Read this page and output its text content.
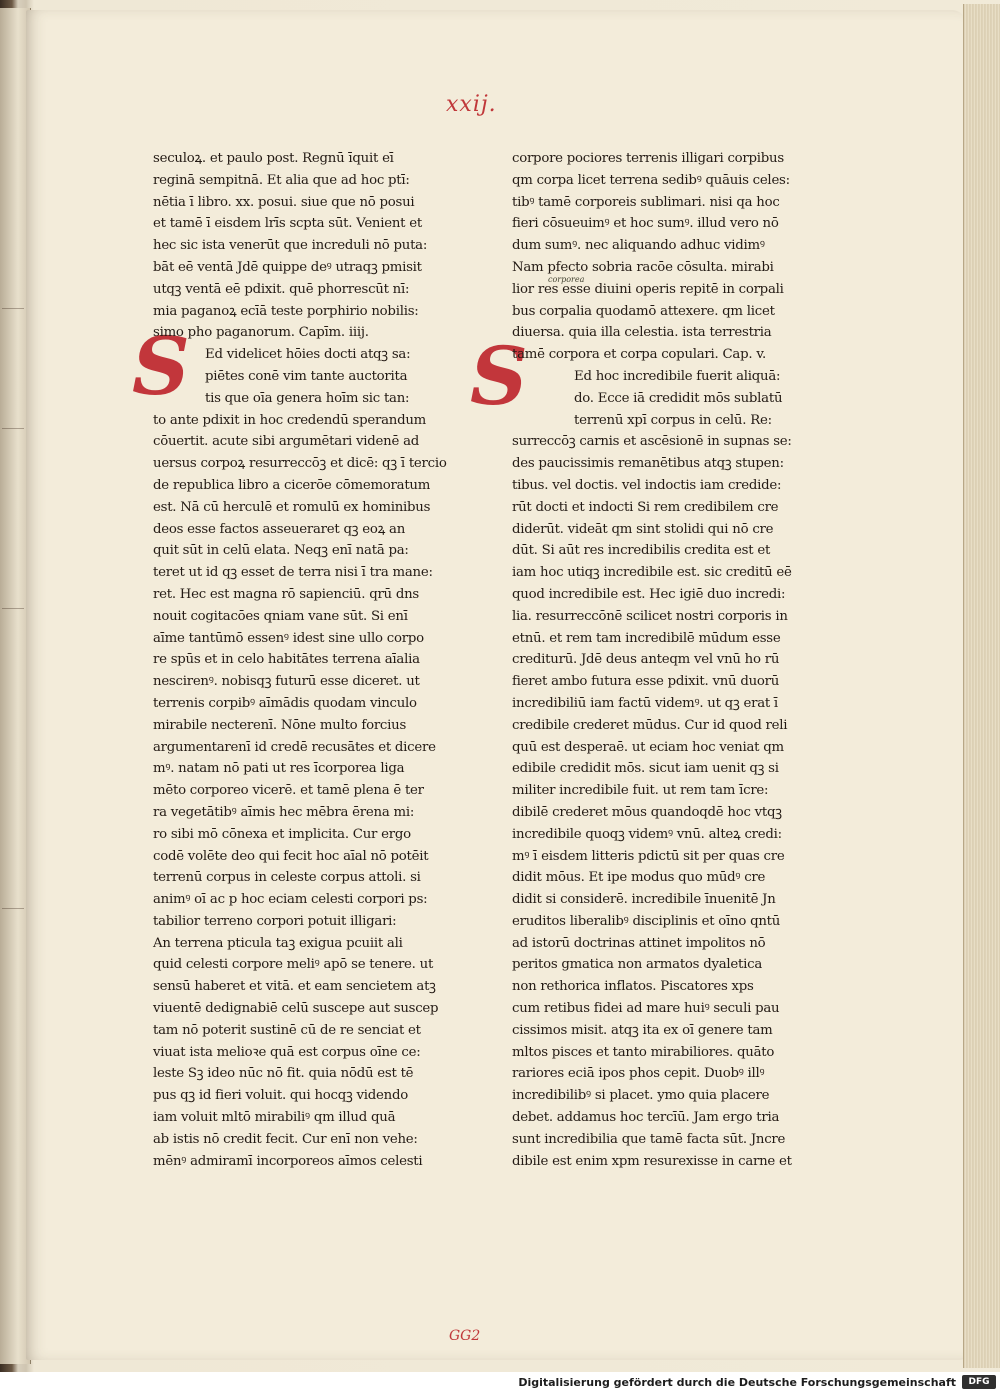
xxij.
S	S
seculoꝝ. et paulo post. Regnū īquit eī
reginā sempitnā. Et alia que ad hoc ptī:
nētia ī libro. xx. posui. siue que nō posui
et tamē ī eisdem lrīs scpta sūt. Venient et
hec sic ista venerūt que increduli nō puta:
bāt eē ventā Jdē quippe deꝰ utraqꝫ pmisit
utqꝫ ventā eē pdixit. quē phorrescūt nī:
mia paganoꝝ ecīā teste porphirio nobilis:
simo pho paganorum. Capīm. iiij.
Ed videlicet hōies docti atqꝫ sa:
piētes conē vim tante auctorita
tis que oīa genera hoīm sic tan:
to ante pdixit in hoc credendū sperandum
cōuertit. acute sibi argumētari videnē ad
uersus corpoꝝ resurreccōꝫ et dicē: qꝫ ī tercio
de republica libro a cicerōe cōmemoratum
est. Nā cū herculē et romulū ex hominibus
deos esse factos asseueraret qꝫ eoꝝ an
quit sūt in celū elata. Neqꝫ enī natā pa:
teret ut id qꝫ esset de terra nisi ī tra mane:
ret. Hec est magna rō sapienciū. qrū dns
nouit cogitacōes qniam vane sūt. Si enī
aīme tantūmō essenꝰ idest sine ullo corpo
re spūs et in celo habitātes terrena aīalia
nescirenꝰ. nobisqꝫ futurū esse diceret. ut
terrenis corpibꝰ aīmādis quodam vinculo
mirabile necterenī. Nōne multo forcius
argumentarenī id credē recusātes et dicere
mꝰ. natam nō pati ut res īcorporea liga
mēto corporeo vicerē. et tamē plena ē ter
ra vegetātibꝰ aīmis hec mēbra ērena mi:
ro sibi mō cōnexa et implicita. Cur ergo
codē volēte deo qui fecit hoc aīal nō potēit
terrenū corpus in celeste corpus attoli. si
animꝰ oī ac p hoc eciam celesti corpori ps:
tabilior terreno corpori potuit illigari:
An terrena pticula taꝫ exigua pcuiit ali
quid celesti corpore meliꝰ apō se tenere. ut
sensū haberet et vitā. et eam sencietem atꝫ
viuentē dedignabiē celū suscepe aut suscep
tam nō poterit sustinē cū de re senciat et
viuat ista melioꝛe quā est corpus oīne ce:
leste Sꝫ ideo nūc nō fit. quia nōdū est tē
pus qꝫ id fieri voluit. qui hocqꝫ videndo
iam voluit mltō mirabiliꝰ qm illud quā
ab istis nō credit fecit. Cur enī non vehe:
mēnꝰ admiramī incorporeos aīmos celesti
corpore pociores terrenis illigari corpibus
qm corpa licet terrena sedibꝰ quāuis celes:
tibꝰ tamē corporeis sublimari. nisi qa hoc
fieri cōsueuimꝰ et hoc sumꝰ. illud vero nō
dum sumꝰ. nec aliquando adhuc vidimꝰ
Nam pfecto sobria racōe cōsulta. mirabi
lior res esse diuini operis repitē in corpali
bus corpalia quodamō attexere. qm licet
diuersa. quia illa celestia. ista terrestria
tamē corpora et corpa copulari. Cap. v.
Ed hoc incredibile fuerit aliquā:
do. Ecce iā credidit mōs sublatū
terrenū xpī corpus in celū. Re:
surreccōꝫ carnis et ascēsionē in supnas se:
des paucissimis remanētibus atqꝫ stupen:
tibus. vel doctis. vel indoctis iam credide:
rūt docti et indocti Si rem credibilem cre
diderūt. videāt qm sint stolidi qui nō cre
dūt. Si aūt res incredibilis credita est et
iam hoc utiqꝫ incredibile est. sic creditū eē
quod incredibile est. Hec igiē duo incredi:
lia. resurreccōnē scilicet nostri corporis in
etnū. et rem tam incredibilē mūdum esse
crediturū. Jdē deus anteqm vel vnū ho rū
fieret ambo futura esse pdixit. vnū duorū
incredibiliū iam factū videmꝰ. ut qꝫ erat ī
credibile crederet mūdus. Cur id quod reli
quū est desperaē. ut eciam hoc veniat qm
edibile credidit mōs. sicut iam uenit qꝫ si
militer incredibile fuit. ut rem tam īcre:
dibilē crederet mōus quandoqdē hoc vtqꝫ
incredibile quoqꝫ videmꝰ vnū. alteꝝ credi:
mꝰ ī eisdem litteris pdictū sit per quas cre
didit mōus. Et ipe modus quo mūdꝰ cre
didit si considerē. incredibile īnuenitē Jn
eruditos liberalibꝰ disciplinis et oīno qntū
ad istorū doctrinas attinet impolitos nō
peritos gmatica non armatos dyaletica
non rethorica inflatos. Piscatores xps
cum retibus fidei ad mare huiꝰ seculi pau
cissimos misit. atqꝫ ita ex oī genere tam
mltos pisces et tanto mirabiliores. quāto
rariores eciā ipos phos cepit. Duobꝰ illꝰ
incredibilibꝰ si placet. ymo quia placere
debet. addamus hoc tercīū. Jam ergo tria
sunt incredibilia que tamē facta sūt. Jncre
dibile est enim xpm resurexisse in carne et
corporea
GG2
Digitalisierung gefördert durch die Deutsche Forschungsgemeinschaft	DFG
